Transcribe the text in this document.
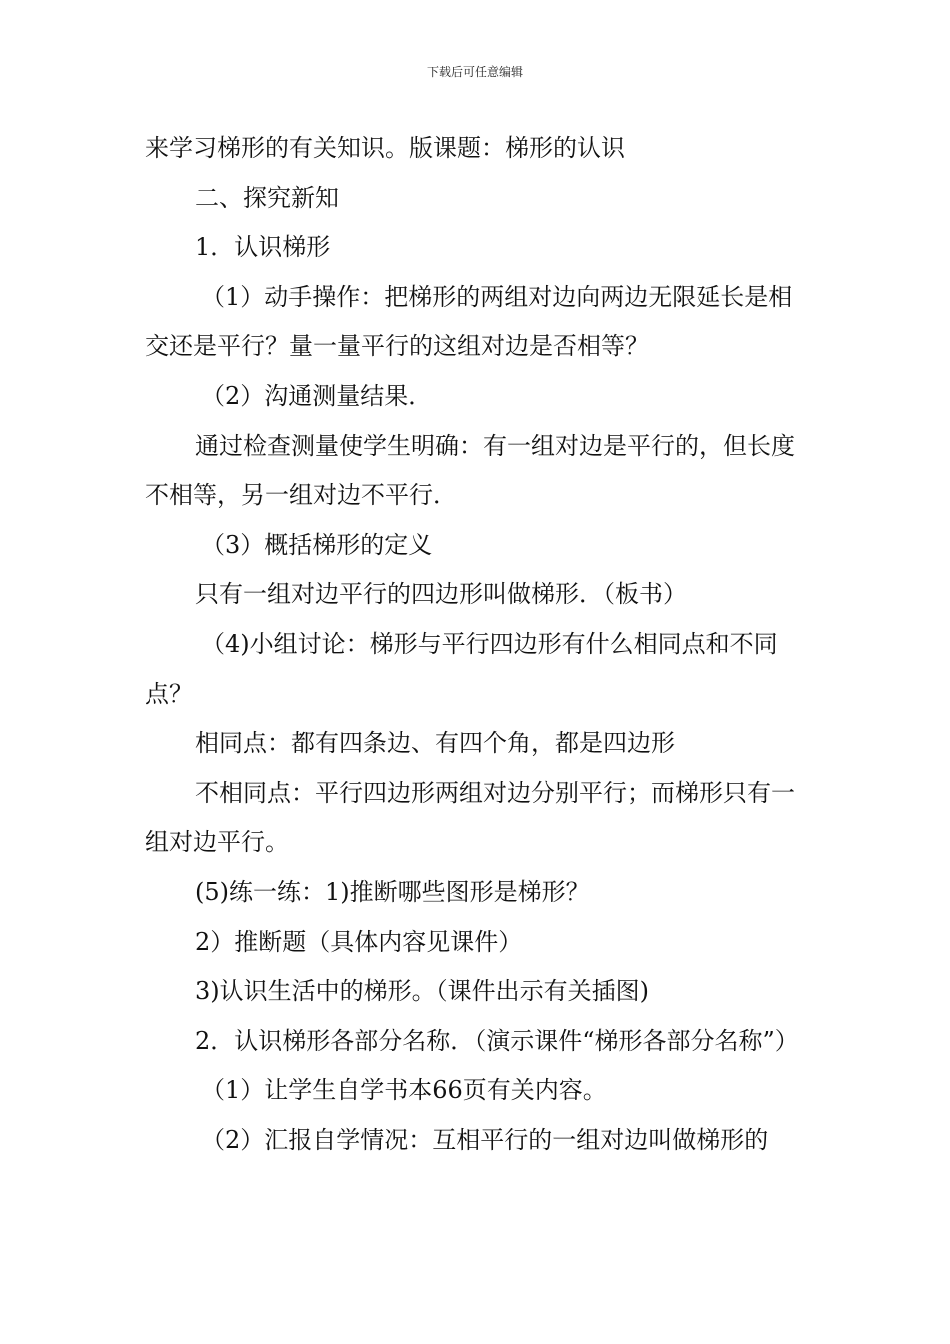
下载后可任意编辑

来学习梯形的有关知识。版课题：梯形的认识

二、探究新知

1．认识梯形

（1）动手操作：把梯形的两组对边向两边无限延长是相交还是平行？量一量平行的这组对边是否相等？

（2）沟通测量结果．

通过检查测量使学生明确：有一组对边是平行的，但长度不相等，另一组对边不平行．

（3）概括梯形的定义

只有一组对边平行的四边形叫做梯形．（板书）

（4)小组讨论：梯形与平行四边形有什么相同点和不同点？

相同点：都有四条边、有四个角，都是四边形

不相同点：平行四边形两组对边分别平行；而梯形只有一组对边平行。

(5)练一练：1)推断哪些图形是梯形？

2）推断题（具体内容见课件）

3)认识生活中的梯形。（课件出示有关插图)

2．认识梯形各部分名称．（演示课件“梯形各部分名称”）

（1）让学生自学书本66页有关内容。

（2）汇报自学情况：互相平行的一组对边叫做梯形的
